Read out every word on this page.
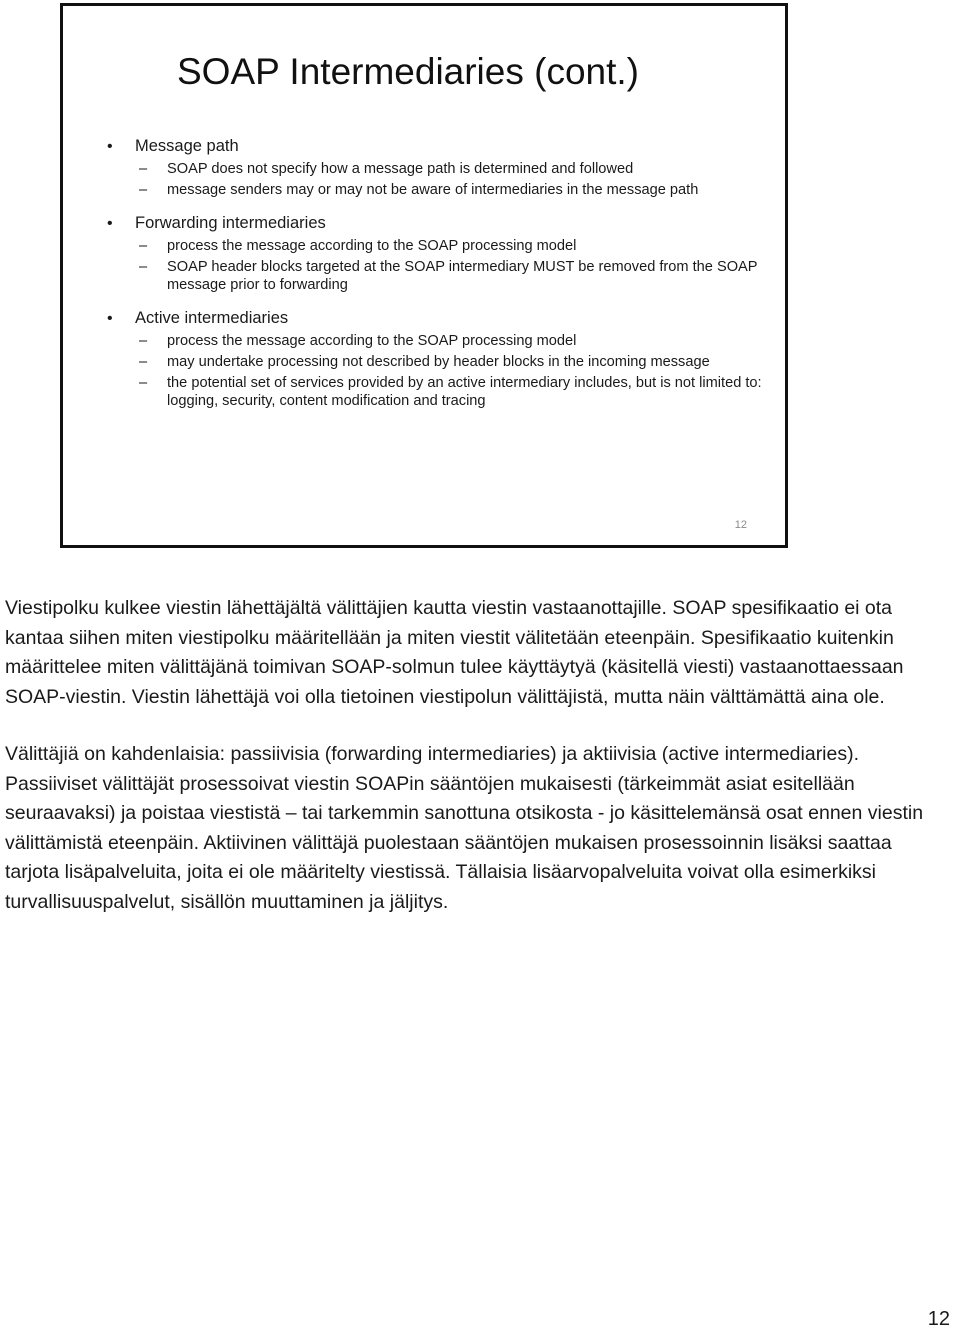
SOAP Intermediaries (cont.)
• Message path
– SOAP does not specify how a message path is determined and followed
– message senders may or may not be aware of intermediaries in the message path
• Forwarding intermediaries
– process the message according to the SOAP processing model
– SOAP header blocks targeted at the SOAP intermediary MUST be removed from the SOAP message prior to forwarding
• Active intermediaries
– process the message according to the SOAP processing model
– may undertake processing not described by header blocks in the incoming message
– the potential set of services provided by an active intermediary includes, but is not limited to: logging, security, content modification and tracing
12

Viestipolku kulkee viestin lähettäjältä välittäjien kautta viestin vastaanottajille. SOAP spesifikaatio ei ota kantaa siihen miten viestipolku määritellään ja miten viestit välitetään eteenpäin. Spesifikaatio kuitenkin määrittelee miten välittäjänä toimivan SOAP-solmun tulee käyttäytyä (käsitellä viesti) vastaanottaessaan SOAP-viestin. Viestin lähettäjä voi olla tietoinen viestipolun välittäjistä, mutta näin välttämättä aina ole.

Välittäjiä on kahdenlaisia: passiivisia (forwarding intermediaries) ja aktiivisia (active intermediaries). Passiiviset välittäjät prosessoivat viestin SOAPin sääntöjen mukaisesti (tärkeimmät asiat esitellään seuraavaksi) ja poistaa viestistä – tai tarkemmin sanottuna otsikosta - jo käsittelemänsä osat ennen viestin välittämistä eteenpäin. Aktiivinen välittäjä puolestaan sääntöjen mukaisen prosessoinnin lisäksi saattaa tarjota lisäpalveluita, joita ei ole määritelty viestissä. Tällaisia lisäarvopalveluita voivat olla esimerkiksi turvallisuuspalvelut, sisällön muuttaminen ja jäljitys.

12
